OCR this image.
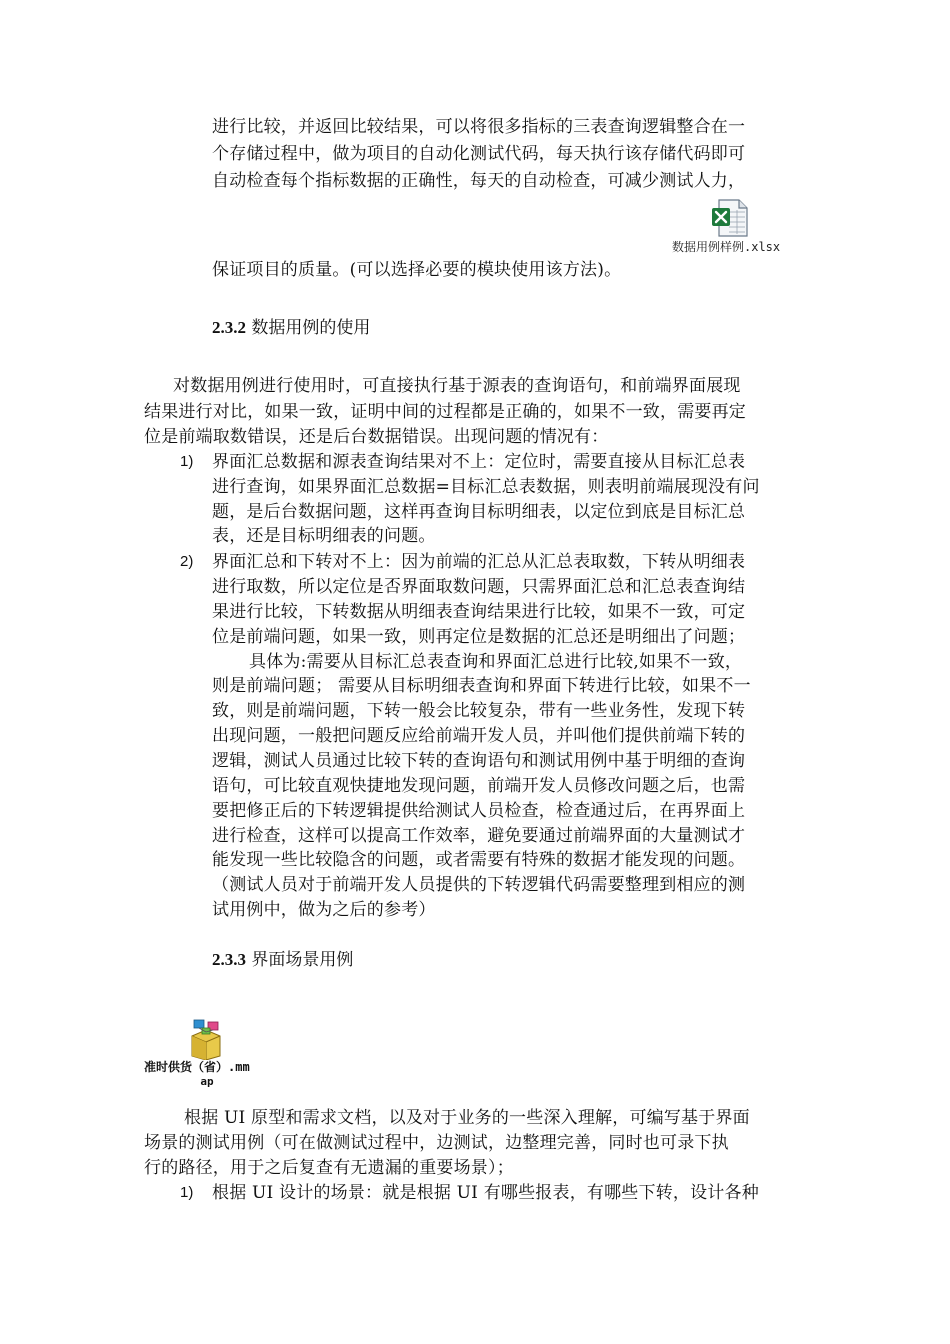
进行比较，并返回比较结果，可以将很多指标的三表查询逻辑整合在一
个存储过程中，做为项目的自动化测试代码，每天执行该存储代码即可
自动检查每个指标数据的正确性，每天的自动检查，可减少测试人力，
数据用例样例.xlsx
保证项目的质量。(可以选择必要的模块使用该方法)。
2.3.2 数据用例的使用
对数据用例进行使用时，可直接执行基于源表的查询语句，和前端界面展现
结果进行对比，如果一致，证明中间的过程都是正确的，如果不一致，需要再定
位是前端取数错误，还是后台数据错误。出现问题的情况有：
1) 界面汇总数据和源表查询结果对不上：定位时，需要直接从目标汇总表
进行查询，如果界面汇总数据=目标汇总表数据，则表明前端展现没有问
题，是后台数据问题，这样再查询目标明细表，以定位到底是目标汇总
表，还是目标明细表的问题。
2) 界面汇总和下转对不上：因为前端的汇总从汇总表取数，下转从明细表
进行取数，所以定位是否界面取数问题，只需界面汇总和汇总表查询结
果进行比较，下转数据从明细表查询结果进行比较，如果不一致，可定
位是前端问题，如果一致，则再定位是数据的汇总还是明细出了问题；
具体为:需要从目标汇总表查询和界面汇总进行比较,如果不一致，
则是前端问题； 需要从目标明细表查询和界面下转进行比较，如果不一
致，则是前端问题，下转一般会比较复杂，带有一些业务性，发现下转
出现问题，一般把问题反应给前端开发人员，并叫他们提供前端下转的
逻辑，测试人员通过比较下转的查询语句和测试用例中基于明细的查询
语句，可比较直观快捷地发现问题，前端开发人员修改问题之后，也需
要把修正后的下转逻辑提供给测试人员检查，检查通过后，在再界面上
进行检查，这样可以提高工作效率，避免要通过前端界面的大量测试才
能发现一些比较隐含的问题，或者需要有特殊的数据才能发现的问题。
（测试人员对于前端开发人员提供的下转逻辑代码需要整理到相应的测
试用例中，做为之后的参考）
2.3.3 界面场景用例
准时供货（省）.mm
ap
根据 UI 原型和需求文档，以及对于业务的一些深入理解，可编写基于界面
场景的测试用例（可在做测试过程中，边测试，边整理完善，同时也可录下执
行的路径，用于之后复查有无遗漏的重要场景）；
1) 根据 UI 设计的场景：就是根据 UI 有哪些报表，有哪些下转，设计各种
